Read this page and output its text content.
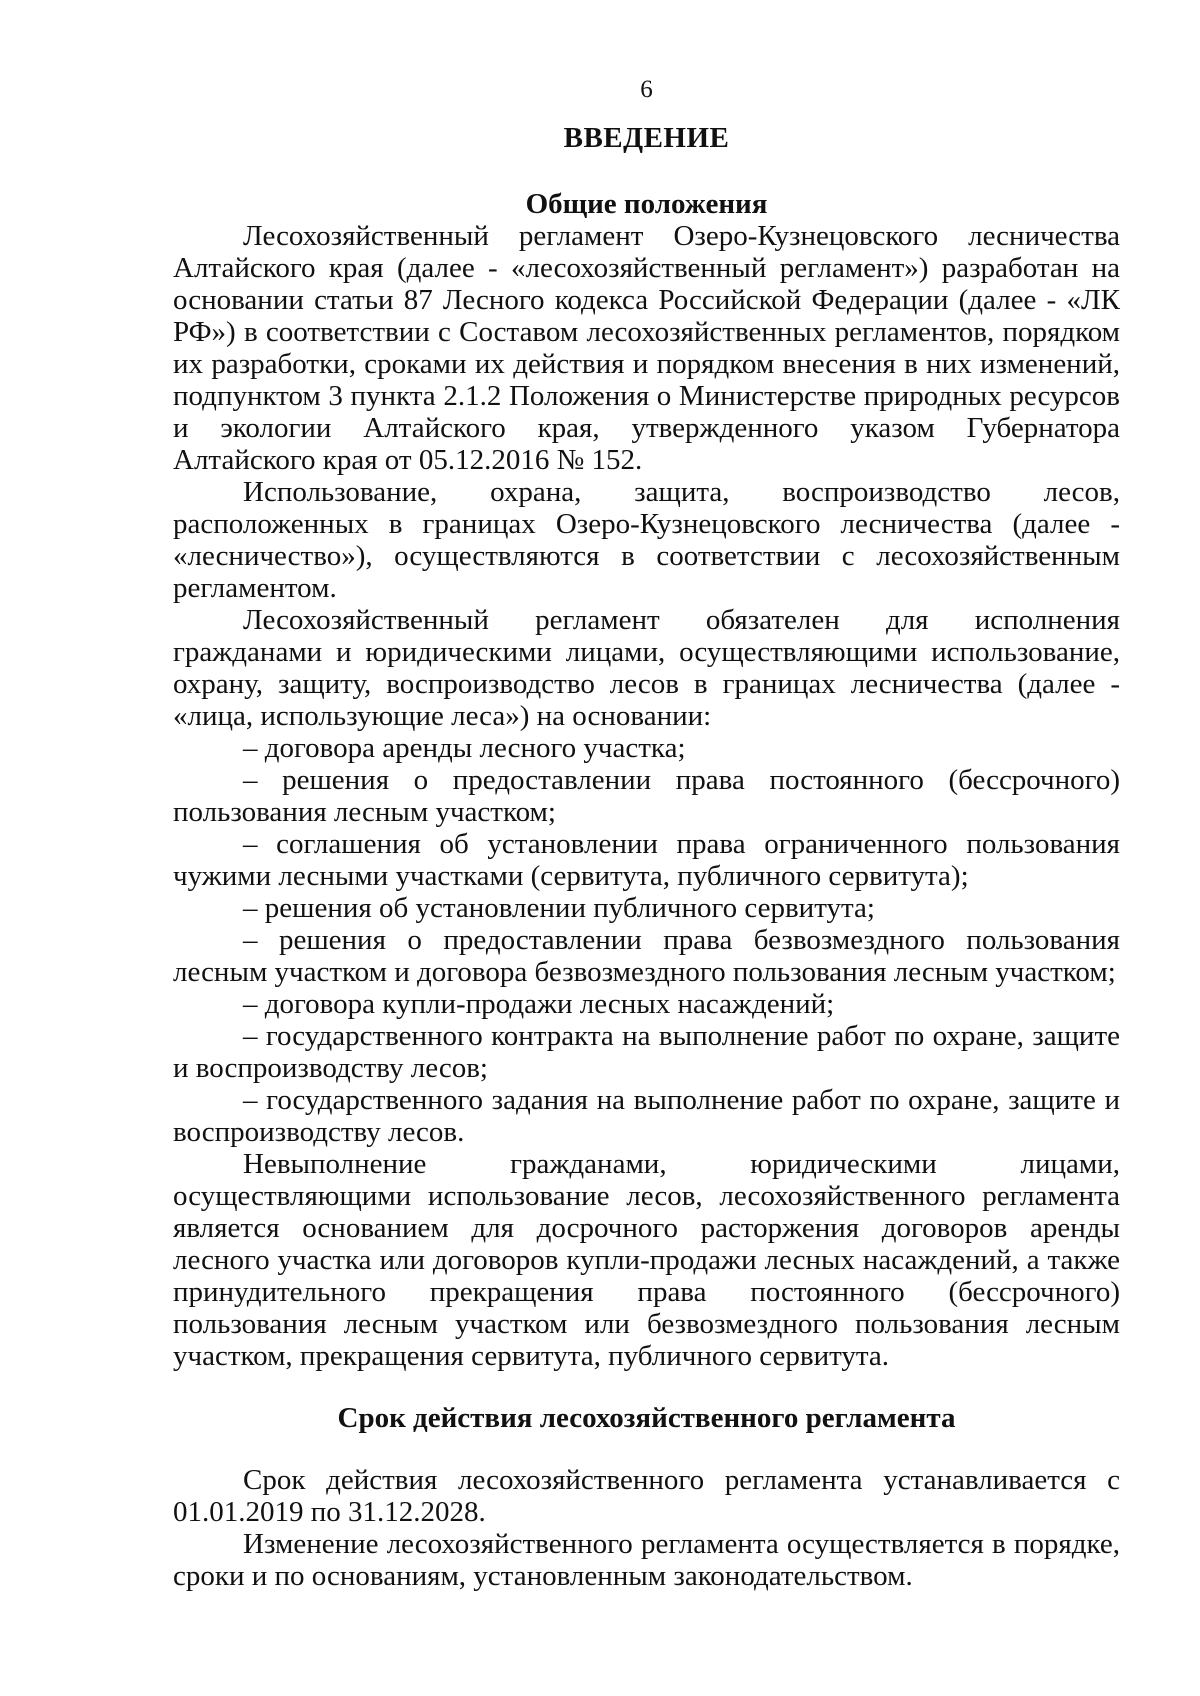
6
ВВЕДЕНИЕ
Общие положения

Лесохозяйственный регламент Озеро-Кузнецовского лесничества Алтайского края (далее - «лесохозяйственный регламент») разработан на основании статьи 87 Лесного кодекса Российской Федерации (далее - «ЛК РФ») в соответствии с Составом лесохозяйственных регламентов, порядком их разработки, сроками их действия и порядком внесения в них изменений, подпунктом 3 пункта 2.1.2 Положения о Министерстве природных ресурсов и экологии Алтайского края, утвержденного указом Губернатора Алтайского края от 05.12.2016 № 152.

Использование, охрана, защита, воспроизводство лесов, расположенных в границах Озеро-Кузнецовского лесничества (далее - «лесничество»), осуществляются в соответствии с лесохозяйственным регламентом.

Лесохозяйственный регламент обязателен для исполнения гражданами и юридическими лицами, осуществляющими использование, охрану, защиту, воспроизводство лесов в границах лесничества (далее - «лица, использующие леса») на основании:

– договора аренды лесного участка;

– решения о предоставлении права постоянного (бессрочного) пользования лесным участком;

– соглашения об установлении права ограниченного пользования чужими лесными участками (сервитута, публичного сервитута);

– решения об установлении публичного сервитута;

– решения о предоставлении права безвозмездного пользования лесным участком и договора безвозмездного пользования лесным участком;

– договора купли-продажи лесных насаждений;

– государственного контракта на выполнение работ по охране, защите и воспроизводству лесов;

– государственного задания на выполнение работ по охране, защите и воспроизводству лесов.

Невыполнение гражданами, юридическими лицами, осуществляющими использование лесов, лесохозяйственного регламента является основанием для досрочного расторжения договоров аренды лесного участка или договоров купли-продажи лесных насаждений, а также принудительного прекращения права постоянного (бессрочного) пользования лесным участком или безвозмездного пользования лесным участком, прекращения сервитута, публичного сервитута.

Срок действия лесохозяйственного регламента

Срок действия лесохозяйственного регламента устанавливается с 01.01.2019 по 31.12.2028.

Изменение лесохозяйственного регламента осуществляется в порядке, сроки и по основаниям, установленным законодательством.
